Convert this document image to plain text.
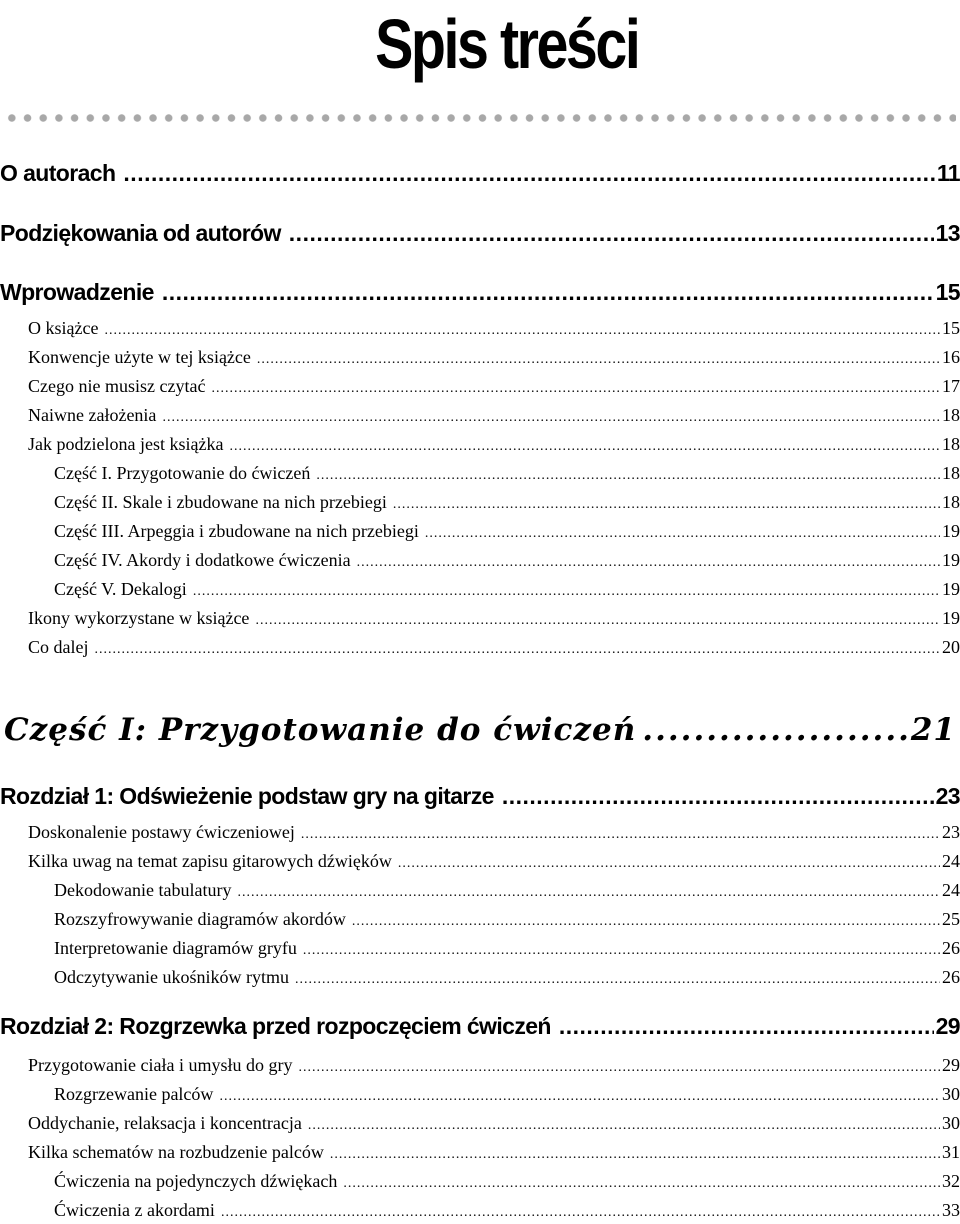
Spis treści
O autorach .....	11
Podziękowania od autorów .....	13
Wprowadzenie .....	15
O książce .....	15
Konwencje użyte w tej książce .....	16
Czego nie musisz czytać .....	17
Naiwne założenia .....	18
Jak podzielona jest książka .....	18
Część I. Przygotowanie do ćwiczeń .....	18
Część II. Skale i zbudowane na nich przebiegi .....	18
Część III. Arpeggia i zbudowane na nich przebiegi .....	19
Część IV. Akordy i dodatkowe ćwiczenia .....	19
Część V. Dekalogi .....	19
Ikony wykorzystane w książce .....	19
Co dalej .....	20
Część I: Przygotowanie do ćwiczeń .....	21
Rozdział 1: Odświeżenie podstaw gry na gitarze .....	23
Doskonalenie postawy ćwiczeniowej .....	23
Kilka uwag na temat zapisu gitarowych dźwięków .....	24
Dekodowanie tabulatury .....	24
Rozszyfrowywanie diagramów akordów .....	25
Interpretowanie diagramów gryfu .....	26
Odczytywanie ukośników rytmu .....	26
Rozdział 2: Rozgrzewka przed rozpoczęciem ćwiczeń .....	29
Przygotowanie ciała i umysłu do gry .....	29
Rozgrzewanie palców .....	30
Oddychanie, relaksacja i koncentracja .....	30
Kilka schematów na rozbudzenie palców .....	31
Ćwiczenia na pojedynczych dźwiękach .....	32
Ćwiczenia z akordami .....	33
